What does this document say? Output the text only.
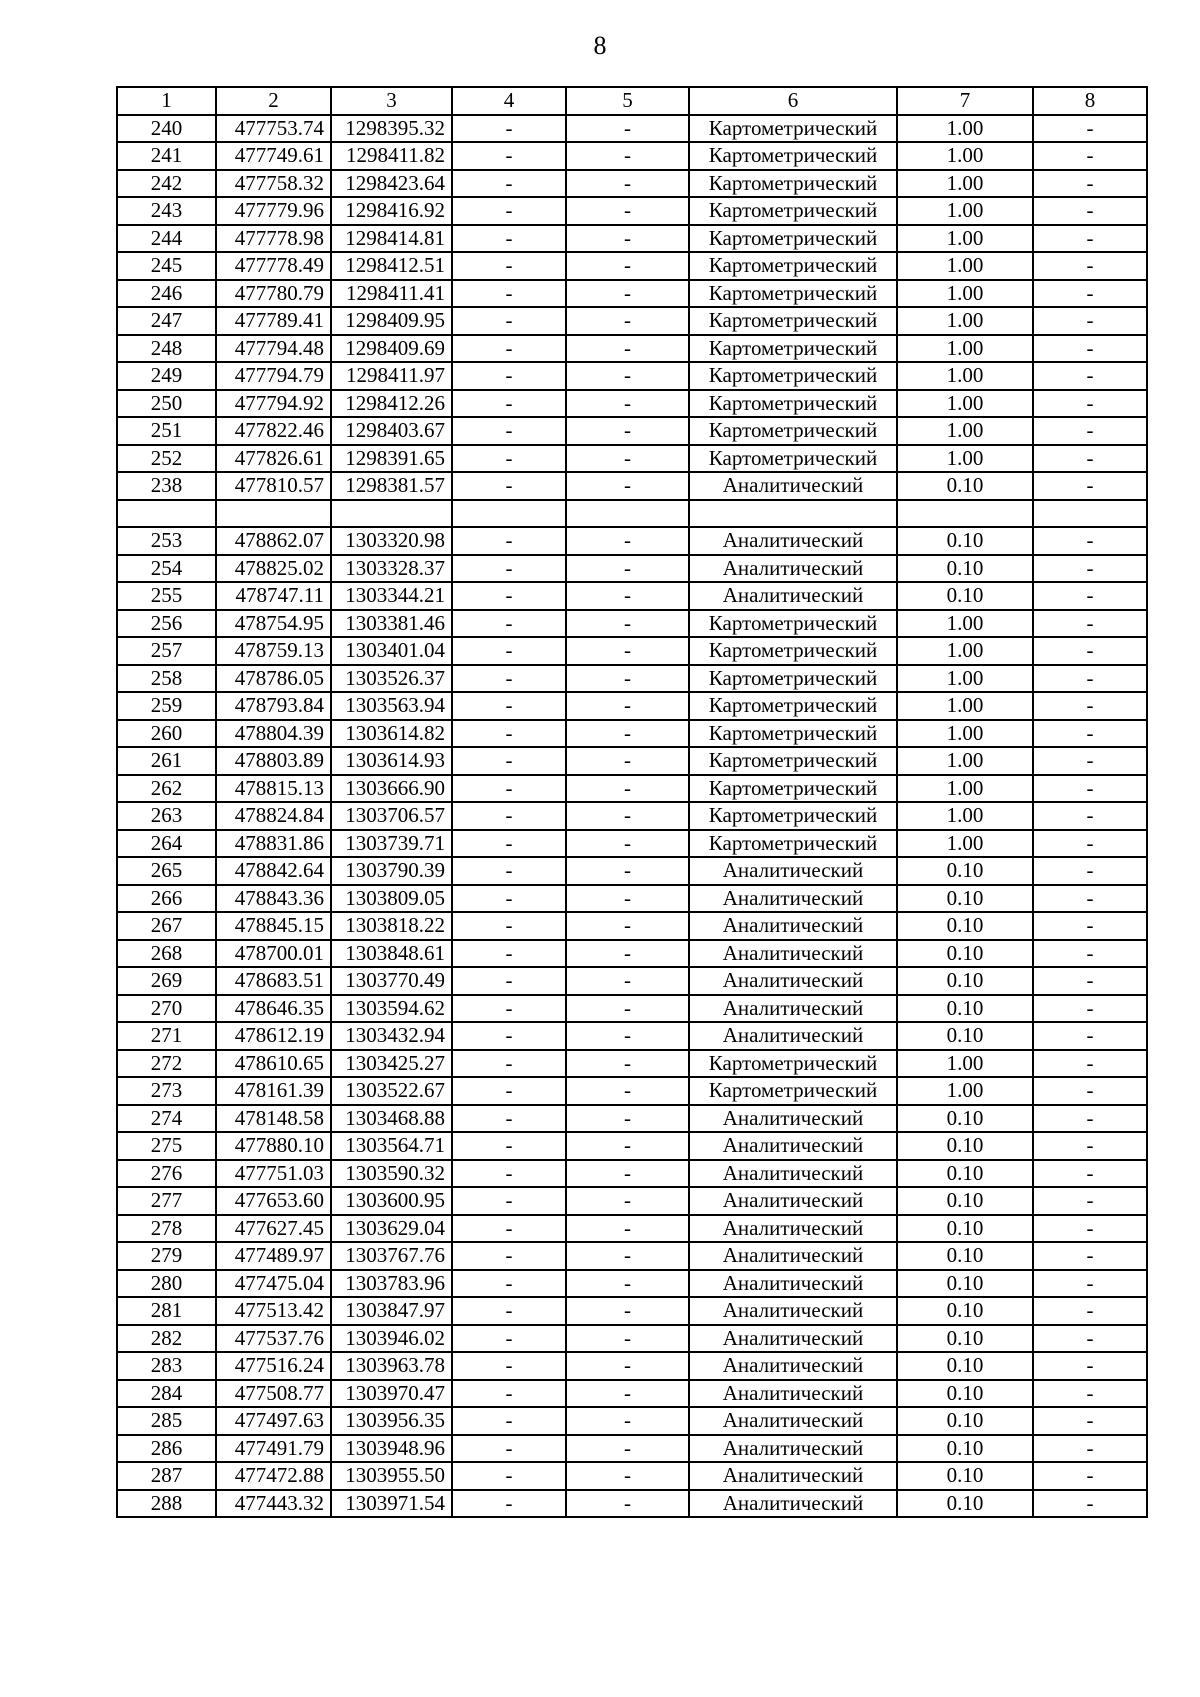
8
1	2	3	4	5	6	7	8
240	477753.74	1298395.32	-	-	Картометрический	1.00	-
241	477749.61	1298411.82	-	-	Картометрический	1.00	-
242	477758.32	1298423.64	-	-	Картометрический	1.00	-
243	477779.96	1298416.92	-	-	Картометрический	1.00	-
244	477778.98	1298414.81	-	-	Картометрический	1.00	-
245	477778.49	1298412.51	-	-	Картометрический	1.00	-
246	477780.79	1298411.41	-	-	Картометрический	1.00	-
247	477789.41	1298409.95	-	-	Картометрический	1.00	-
248	477794.48	1298409.69	-	-	Картометрический	1.00	-
249	477794.79	1298411.97	-	-	Картометрический	1.00	-
250	477794.92	1298412.26	-	-	Картометрический	1.00	-
251	477822.46	1298403.67	-	-	Картометрический	1.00	-
252	477826.61	1298391.65	-	-	Картометрический	1.00	-
238	477810.57	1298381.57	-	-	Аналитический	0.10	-

253	478862.07	1303320.98	-	-	Аналитический	0.10	-
254	478825.02	1303328.37	-	-	Аналитический	0.10	-
255	478747.11	1303344.21	-	-	Аналитический	0.10	-
256	478754.95	1303381.46	-	-	Картометрический	1.00	-
257	478759.13	1303401.04	-	-	Картометрический	1.00	-
258	478786.05	1303526.37	-	-	Картометрический	1.00	-
259	478793.84	1303563.94	-	-	Картометрический	1.00	-
260	478804.39	1303614.82	-	-	Картометрический	1.00	-
261	478803.89	1303614.93	-	-	Картометрический	1.00	-
262	478815.13	1303666.90	-	-	Картометрический	1.00	-
263	478824.84	1303706.57	-	-	Картометрический	1.00	-
264	478831.86	1303739.71	-	-	Картометрический	1.00	-
265	478842.64	1303790.39	-	-	Аналитический	0.10	-
266	478843.36	1303809.05	-	-	Аналитический	0.10	-
267	478845.15	1303818.22	-	-	Аналитический	0.10	-
268	478700.01	1303848.61	-	-	Аналитический	0.10	-
269	478683.51	1303770.49	-	-	Аналитический	0.10	-
270	478646.35	1303594.62	-	-	Аналитический	0.10	-
271	478612.19	1303432.94	-	-	Аналитический	0.10	-
272	478610.65	1303425.27	-	-	Картометрический	1.00	-
273	478161.39	1303522.67	-	-	Картометрический	1.00	-
274	478148.58	1303468.88	-	-	Аналитический	0.10	-
275	477880.10	1303564.71	-	-	Аналитический	0.10	-
276	477751.03	1303590.32	-	-	Аналитический	0.10	-
277	477653.60	1303600.95	-	-	Аналитический	0.10	-
278	477627.45	1303629.04	-	-	Аналитический	0.10	-
279	477489.97	1303767.76	-	-	Аналитический	0.10	-
280	477475.04	1303783.96	-	-	Аналитический	0.10	-
281	477513.42	1303847.97	-	-	Аналитический	0.10	-
282	477537.76	1303946.02	-	-	Аналитический	0.10	-
283	477516.24	1303963.78	-	-	Аналитический	0.10	-
284	477508.77	1303970.47	-	-	Аналитический	0.10	-
285	477497.63	1303956.35	-	-	Аналитический	0.10	-
286	477491.79	1303948.96	-	-	Аналитический	0.10	-
287	477472.88	1303955.50	-	-	Аналитический	0.10	-
288	477443.32	1303971.54	-	-	Аналитический	0.10	-
